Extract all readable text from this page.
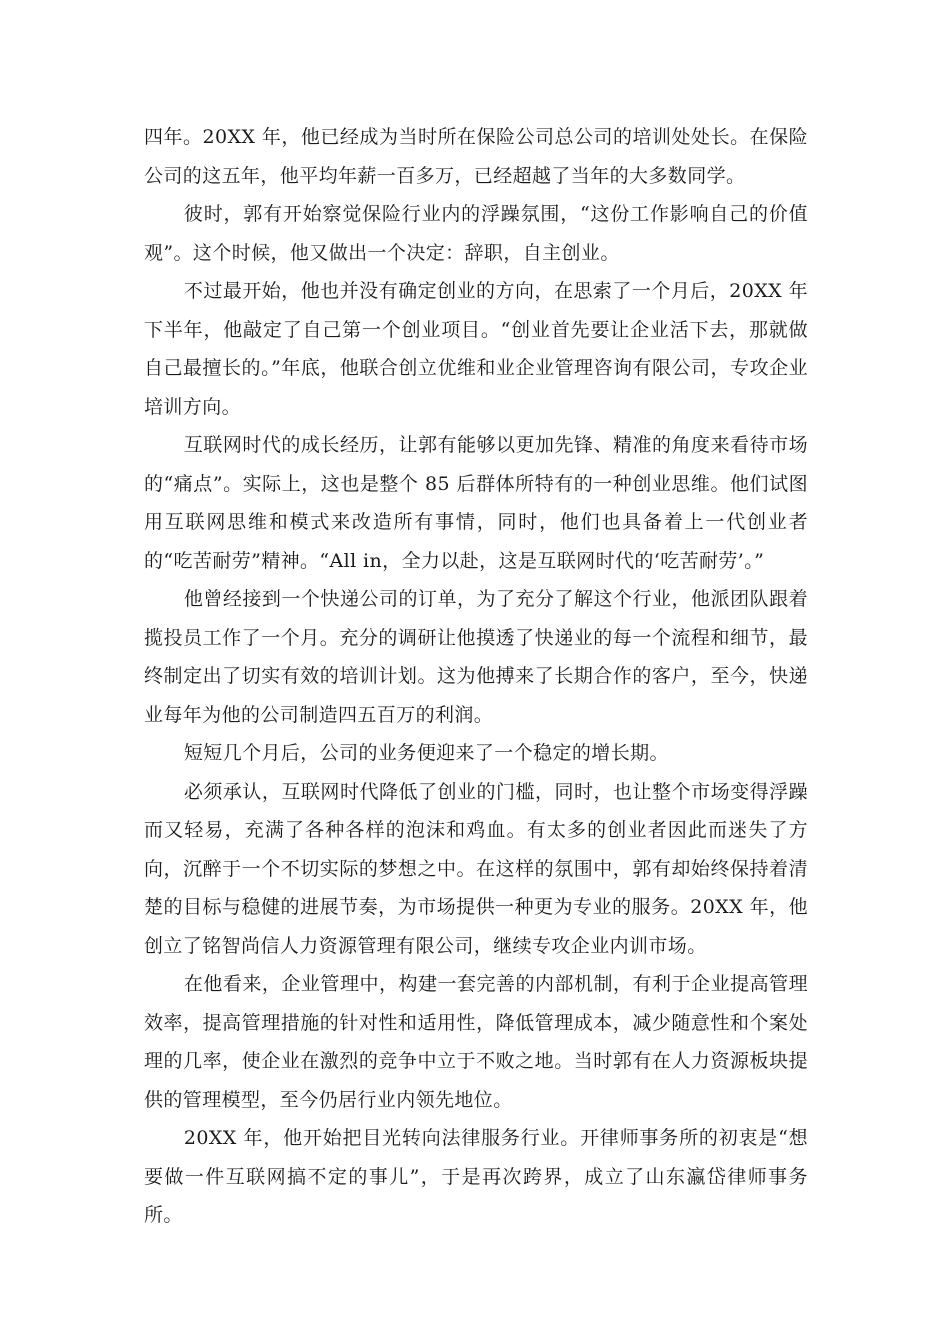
四年。20XX 年，他已经成为当时所在保险公司总公司的培训处处长。在保险公司的这五年，他平均年薪一百多万，已经超越了当年的大多数同学。

彼时，郭有开始察觉保险行业内的浮躁氛围，“这份工作影响自己的价值观”。这个时候，他又做出一个决定：辞职，自主创业。

不过最开始，他也并没有确定创业的方向，在思索了一个月后，20XX 年下半年，他敲定了自己第一个创业项目。“创业首先要让企业活下去，那就做自己最擅长的。”年底，他联合创立优维和业企业管理咨询有限公司，专攻企业培训方向。

互联网时代的成长经历，让郭有能够以更加先锋、精准的角度来看待市场的“痛点”。实际上，这也是整个 85 后群体所特有的一种创业思维。他们试图用互联网思维和模式来改造所有事情，同时，他们也具备着上一代创业者的“吃苦耐劳”精神。“All in，全力以赴，这是互联网时代的‘吃苦耐劳’。”

他曾经接到一个快递公司的订单，为了充分了解这个行业，他派团队跟着揽投员工作了一个月。充分的调研让他摸透了快递业的每一个流程和细节，最终制定出了切实有效的培训计划。这为他搏来了长期合作的客户，至今，快递业每年为他的公司制造四五百万的利润。

短短几个月后，公司的业务便迎来了一个稳定的增长期。

必须承认，互联网时代降低了创业的门槛，同时，也让整个市场变得浮躁而又轻易，充满了各种各样的泡沫和鸡血。有太多的创业者因此而迷失了方向，沉醉于一个不切实际的梦想之中。在这样的氛围中，郭有却始终保持着清楚的目标与稳健的进展节奏，为市场提供一种更为专业的服务。20XX 年，他创立了铭智尚信人力资源管理有限公司，继续专攻企业内训市场。

在他看来，企业管理中，构建一套完善的内部机制，有利于企业提高管理效率，提高管理措施的针对性和适用性，降低管理成本，减少随意性和个案处理的几率，使企业在激烈的竞争中立于不败之地。当时郭有在人力资源板块提供的管理模型，至今仍居行业内领先地位。

20XX 年，他开始把目光转向法律服务行业。开律师事务所的初衷是“想要做一件互联网搞不定的事儿”，于是再次跨界，成立了山东瀛岱律师事务所。
